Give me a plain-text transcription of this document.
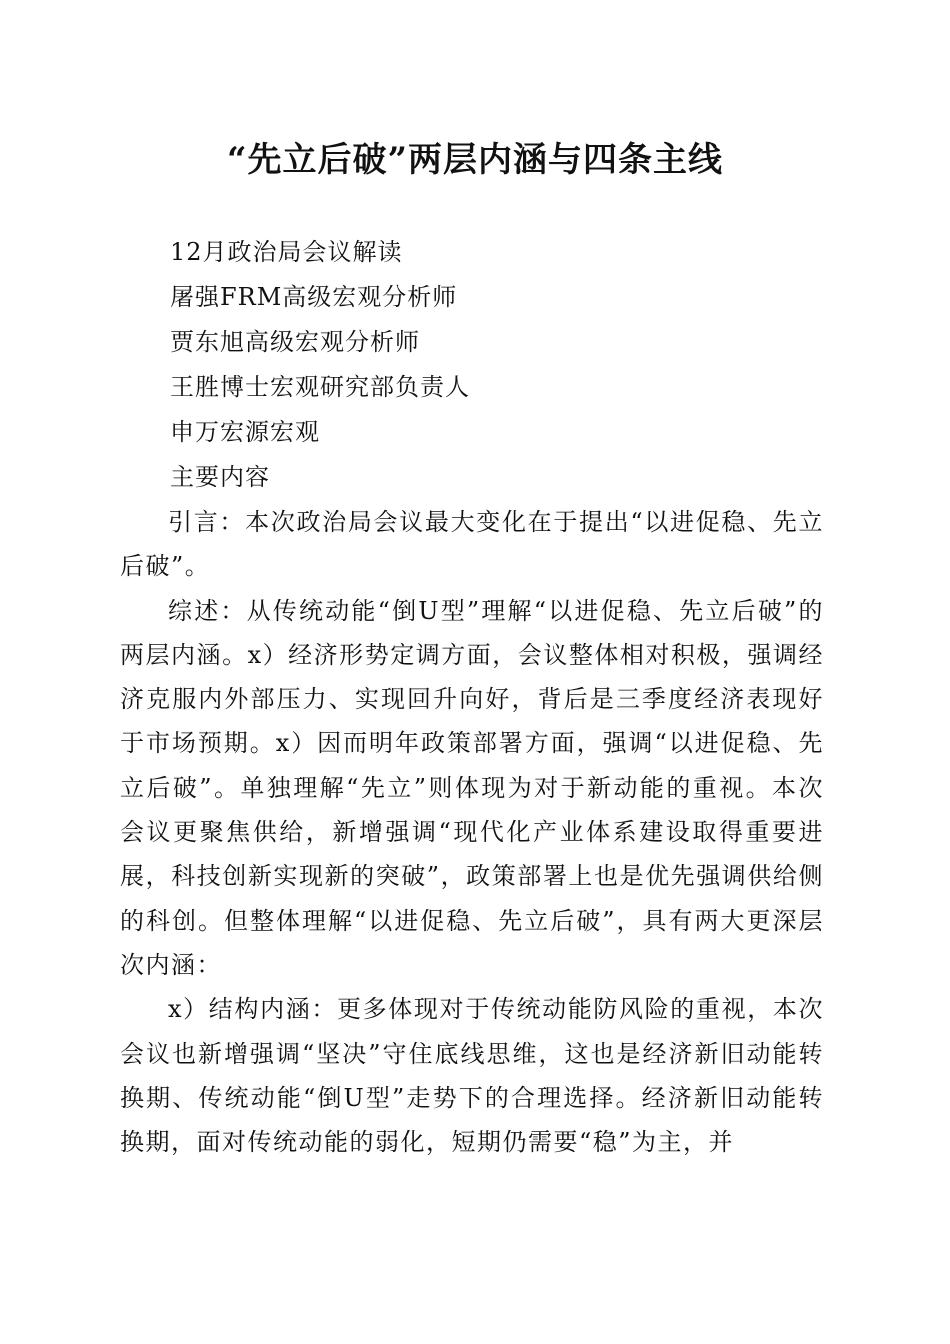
“先立后破”两层内涵与四条主线
12月政治局会议解读
屠强FRM高级宏观分析师
贾东旭高级宏观分析师
王胜博士宏观研究部负责人
申万宏源宏观
主要内容

引言：本次政治局会议最大变化在于提出“以进促稳、先立后破”。

综述：从传统动能“倒U型”理解“以进促稳、先立后破”的两层内涵。x）经济形势定调方面，会议整体相对积极，强调经济克服内外部压力、实现回升向好，背后是三季度经济表现好于市场预期。x）因而明年政策部署方面，强调“以进促稳、先立后破”。单独理解“先立”则体现为对于新动能的重视。本次会议更聚焦供给，新增强调“现代化产业体系建设取得重要进展，科技创新实现新的突破”，政策部署上也是优先强调供给侧的科创。但整体理解“以进促稳、先立后破”，具有两大更深层次内涵：

x）结构内涵：更多体现对于传统动能防风险的重视，本次会议也新增强调“坚决”守住底线思维，这也是经济新旧动能转换期、传统动能“倒U型”走势下的合理选择。经济新旧动能转换期，面对传统动能的弱化，短期仍需要“稳”为主，并
